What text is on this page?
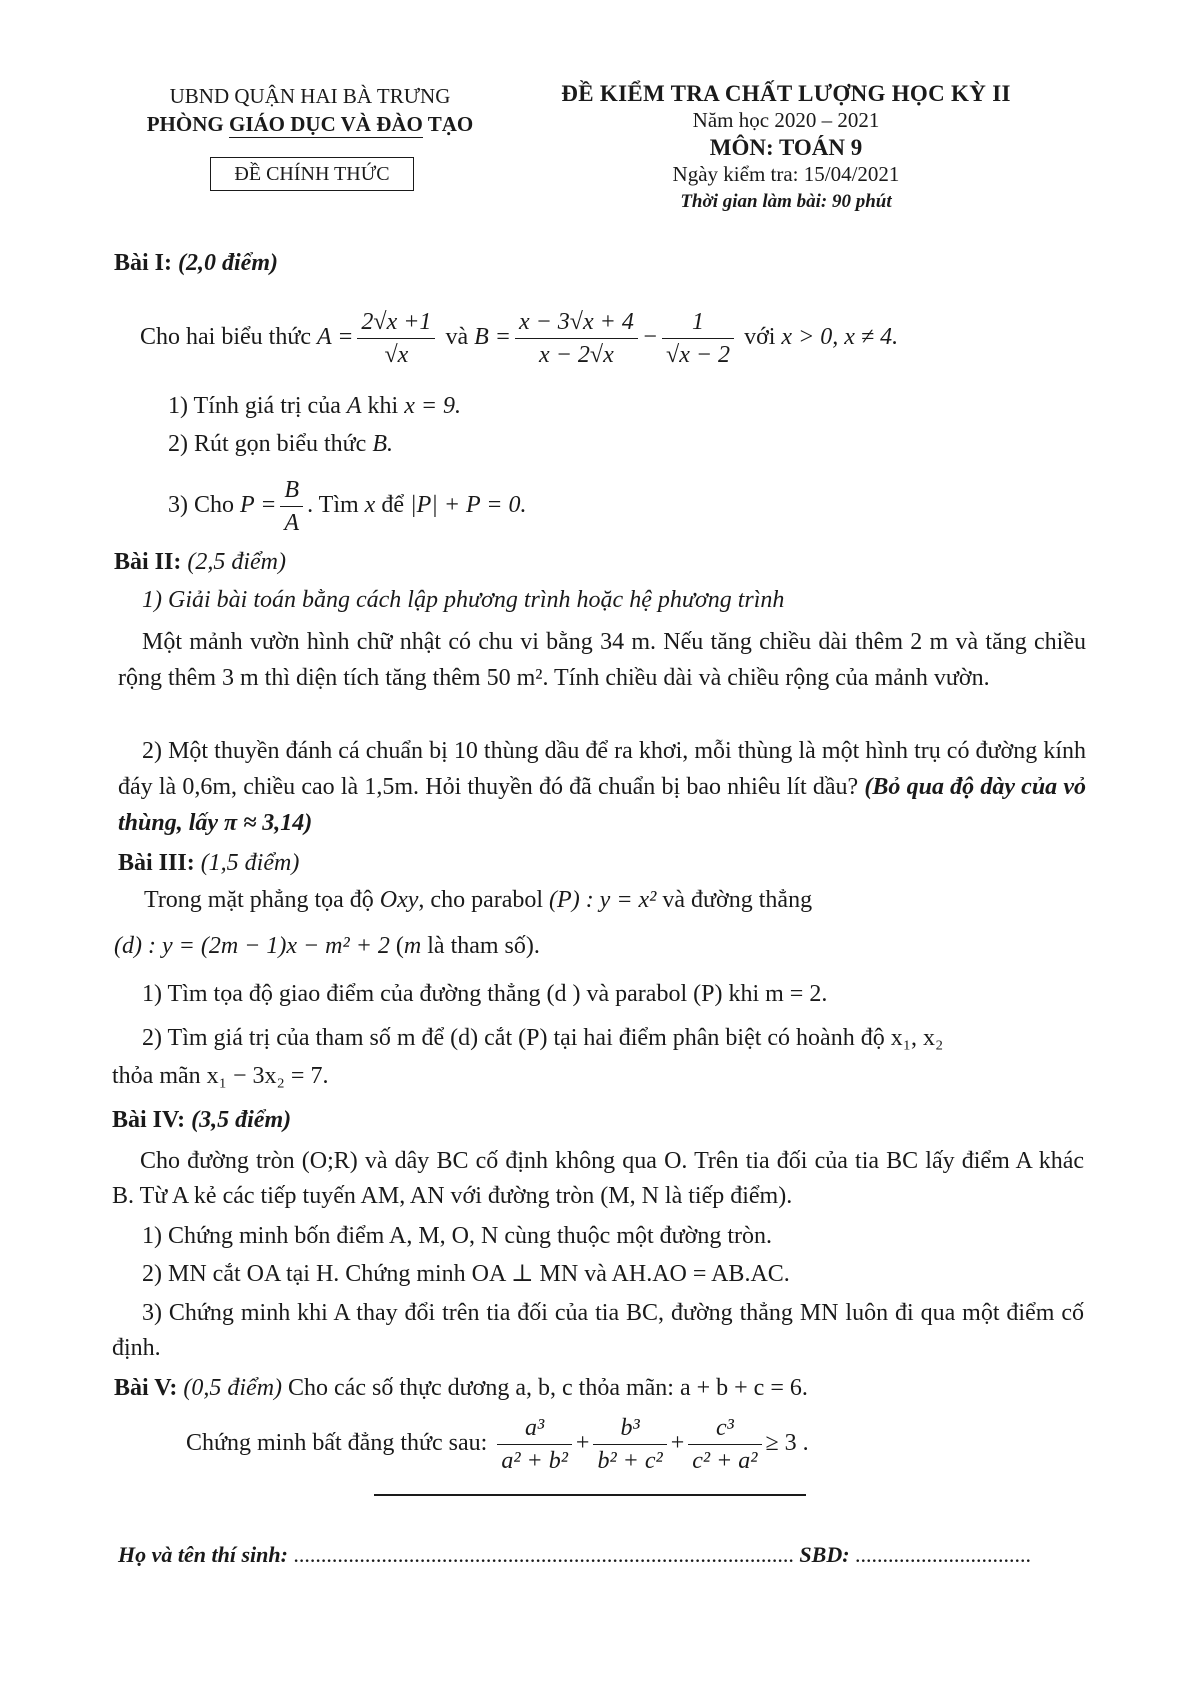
UBND QUẬN HAI BÀ TRƯNG
PHÒNG GIÁO DỤC VÀ ĐÀO TẠO
ĐỀ CHÍNH THỨC
ĐỀ KIỂM TRA CHẤT LƯỢNG HỌC KỲ II
Năm học 2020 – 2021
MÔN: TOÁN 9
Ngày kiểm tra: 15/04/2021
Thời gian làm bài: 90 phút
Bài I: (2,0 điểm)
Cho hai biểu thức $A = \frac{2√x +1}{√x}$ và $B = \frac{x - 3√x + 4}{x - 2√x} - \frac{1}{√x - 2}$ với x > 0, x ≠ 4.
1) Tính giá trị của A khi x = 9.
2) Rút gọn biểu thức B.
3) Cho $P = \frac{B}{A}$ . Tìm x để |P| + P = 0.
Bài II: (2,5 điểm)
1) Giải bài toán bằng cách lập phương trình hoặc hệ phương trình
Một mảnh vườn hình chữ nhật có chu vi bằng 34 m. Nếu tăng chiều dài thêm 2 m và tăng chiều rộng thêm 3 m thì diện tích tăng thêm 50 m². Tính chiều dài và chiều rộng của mảnh vườn.
2) Một thuyền đánh cá chuẩn bị 10 thùng dầu để ra khơi, mỗi thùng là một hình trụ có đường kính đáy là 0,6m, chiều cao là 1,5m. Hỏi thuyền đó đã chuẩn bị bao nhiêu lít dầu? (Bỏ qua độ dày của vỏ thùng, lấy π ≈ 3,14)
Bài III: (1,5 điểm)
Trong mặt phẳng tọa độ Oxy, cho parabol (P) : y = x² và đường thẳng
(d) : y = (2m − 1)x − m² + 2 (m là tham số).
1) Tìm tọa độ giao điểm của đường thẳng (d ) và parabol (P) khi m = 2.
2) Tìm giá trị của tham số m để (d) cắt (P) tại hai điểm phân biệt có hoành độ x₁, x₂
thỏa mãn x₁ − 3x₂ = 7.
Bài IV: (3,5 điểm)
Cho đường tròn (O;R) và dây BC cố định không qua O. Trên tia đối của tia BC lấy điểm A khác B. Từ A kẻ các tiếp tuyến AM, AN với đường tròn (M, N là tiếp điểm).
1) Chứng minh bốn điểm A, M, O, N cùng thuộc một đường tròn.
2) MN cắt OA tại H. Chứng minh OA ⊥ MN và AH.AO = AB.AC.
3) Chứng minh khi A thay đổi trên tia đối của tia BC, đường thẳng MN luôn đi qua một điểm cố định.
Bài V: (0,5 điểm) Cho các số thực dương a, b, c thỏa mãn: a + b + c = 6.
Chứng minh bất đẳng thức sau: $\frac{\text{a³}}{\text{a² + b²}} + \frac{\text{b³}}{\text{b² + c²}} + \frac{\text{c³}}{\text{c² + a²}} \ge 3$ .
Họ và tên thí sinh: ........................................................................................... SBD: ................................
